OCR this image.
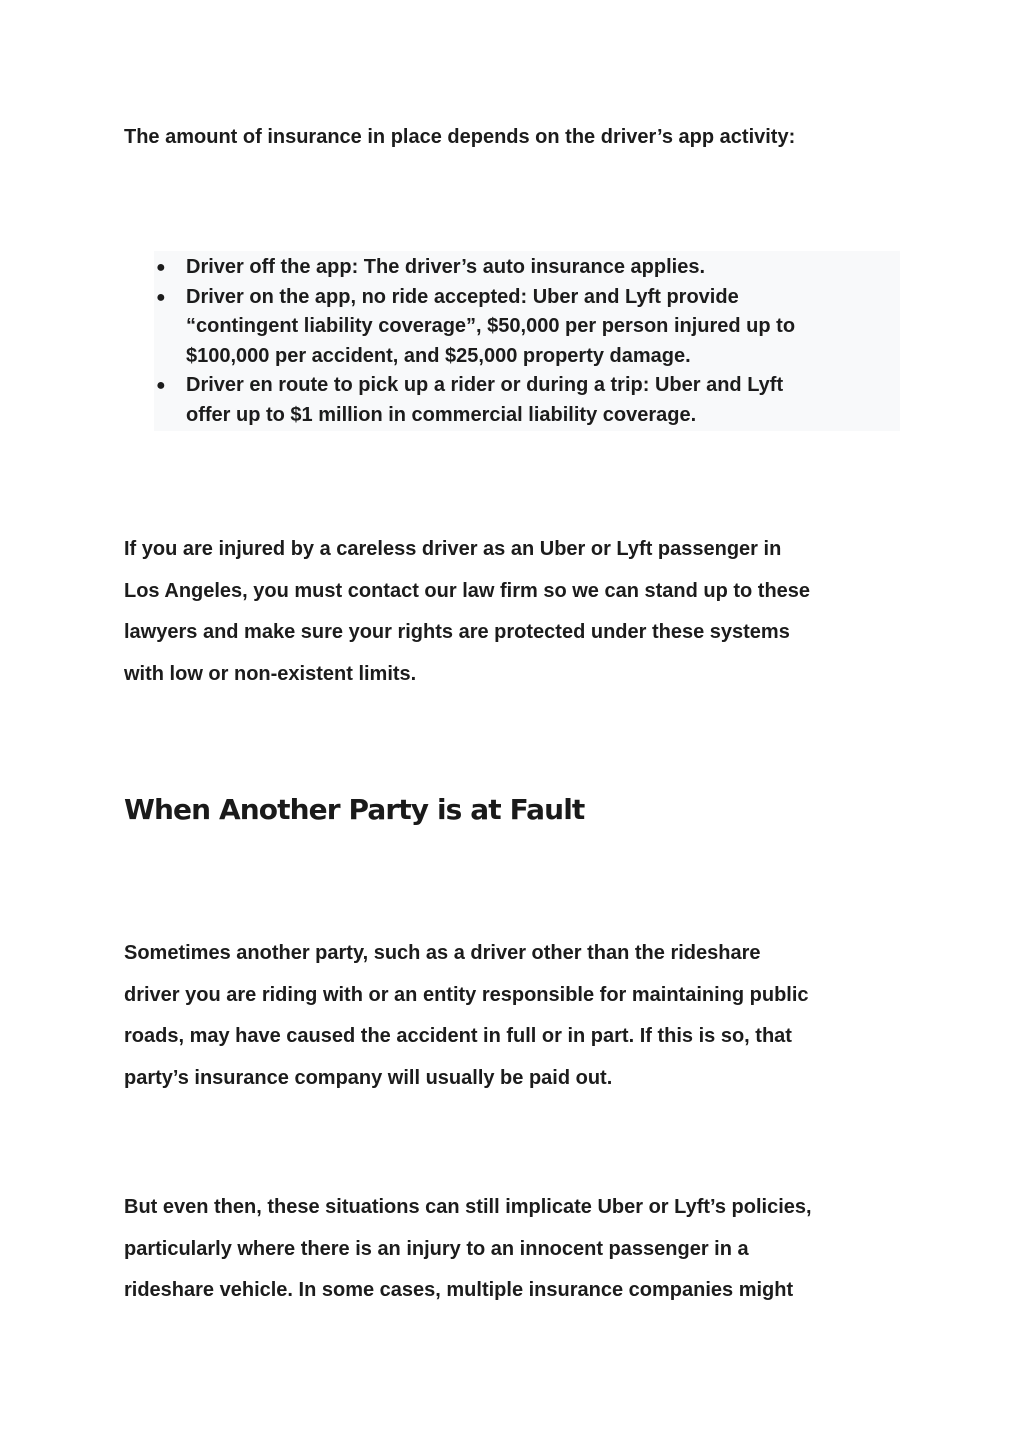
The amount of insurance in place depends on the driver’s app activity:

● Driver off the app: The driver’s auto insurance applies.
● Driver on the app, no ride accepted: Uber and Lyft provide
“contingent liability coverage”, $50,000 per person injured up to
$100,000 per accident, and $25,000 property damage.
● Driver en route to pick up a rider or during a trip: Uber and Lyft
offer up to $1 million in commercial liability coverage.
If you are injured by a careless driver as an Uber or Lyft passenger in
Los Angeles, you must contact our law firm so we can stand up to these
lawyers and make sure your rights are protected under these systems
with low or non-existent limits.
When Another Party is at Fault
Sometimes another party, such as a driver other than the rideshare
driver you are riding with or an entity responsible for maintaining public
roads, may have caused the accident in full or in part. If this is so, that
party’s insurance company will usually be paid out.
But even then, these situations can still implicate Uber or Lyft’s policies,
particularly where there is an injury to an innocent passenger in a
rideshare vehicle. In some cases, multiple insurance companies might
